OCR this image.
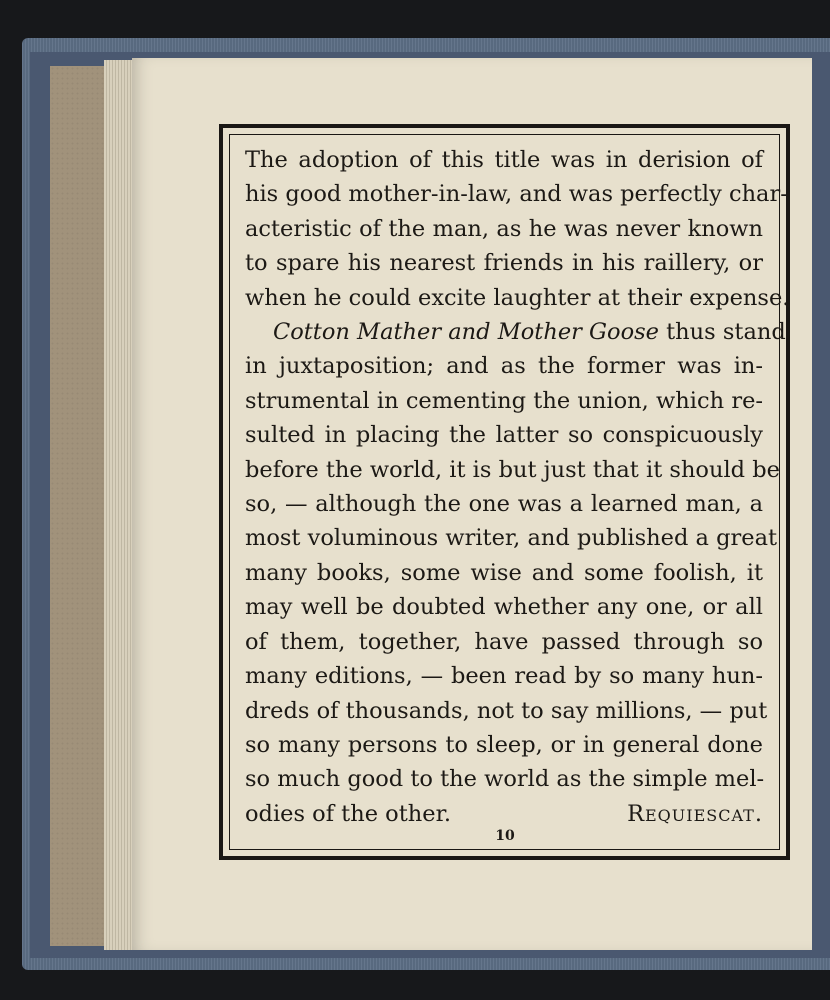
The adoption of this title was in derision of
his good mother-in-law, and was perfectly char-
acteristic of the man, as he was never known
to spare his nearest friends in his raillery, or
when he could excite laughter at their expense.
Cotton Mather and Mother Goose thus stand
in juxtaposition; and as the former was in-
strumental in cementing the union, which re-
sulted in placing the latter so conspicuously
before the world, it is but just that it should be
so, — although the one was a learned man, a
most voluminous writer, and published a great
many books, some wise and some foolish, it
may well be doubted whether any one, or all
of them, together, have passed through so
many editions, — been read by so many hun-
dreds of thousands, not to say millions, — put
so many persons to sleep, or in general done
so much good to the world as the simple mel-
odies of the other.	Requiescat.
10
